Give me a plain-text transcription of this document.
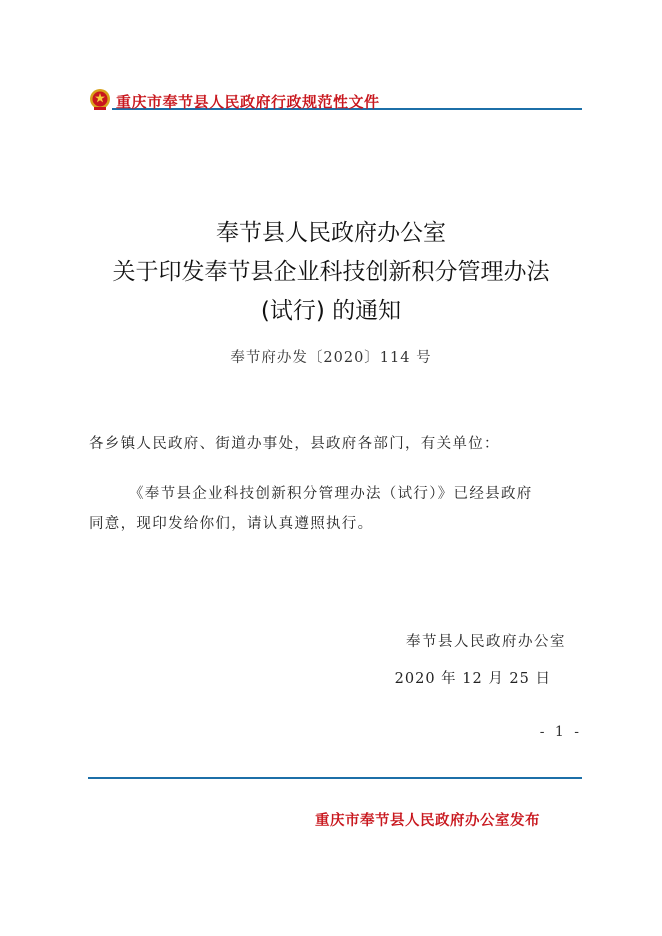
重庆市奉节县人民政府行政规范性文件
奉节县人民政府办公室
关于印发奉节县企业科技创新积分管理办法
(试行) 的通知
奉节府办发〔2020〕114 号
各乡镇人民政府、街道办事处，县政府各部门，有关单位：
《奉节县企业科技创新积分管理办法（试行）》已经县政府
同意，现印发给你们，请认真遵照执行。
奉节县人民政府办公室
2020 年 12 月 25 日
- 1 -
重庆市奉节县人民政府办公室发布
